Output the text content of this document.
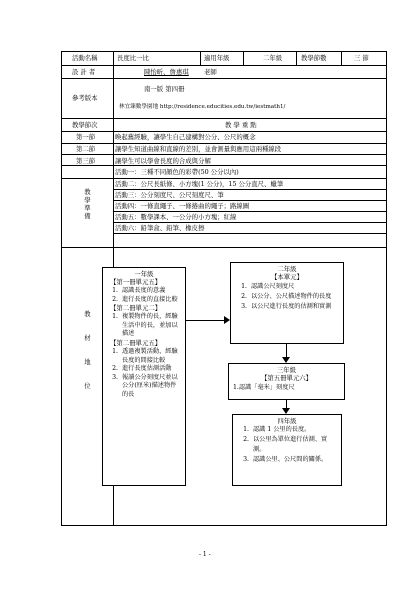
活動名稱	長度比一比	適用年級	二年級	教學節數	三 節
設 計 者	陳怡昕、詹惠琪 老師
參考版本
南一版 第四冊
林宜臻數學園地 http://residence.educities.edu.tw/iestmath1/
教學節次	教 學 重 點
第一節	喚起舊經驗，讓學生自己建構對公分、公尺的概念
第二節	讓學生知道曲線和直線的差別，並會測量與應用這兩種線段
第三節	讓學生可以學會長度的合成與分解
教
學
準
備
活動一：三種不同顏色的彩帶(50 公分以內)
活動二：公尺長紙條、小方塊(1 公分)，15 公分直尺、蠟筆
活動三：公分刻度尺、公尺刻度尺、筆
活動四：一條直繩子、一條捲曲的繩子；路線圖
活動五：數學課本、一公分的小方塊；紅線
活動六：鉛筆盒、鉛筆、橡皮擦
教
材
地
位
一年級
【第一冊單元五】
1. 認識長度的意義
2. 進行長度的直接比較
【第二冊單元二】
1. 複製物件的長，經驗生活中的長，並加以描述
【第二冊單元五】
1. 透過複製活動，經驗長度的間接比較
2. 進行長度估測活動
3. 報讀公分刻度尺並以公分(厘米)描述物件的長
二年級
【本單元】
1. 認識公尺刻度尺
2. 以公分、公尺描述物件的長度
3. 以公尺進行長度的估測和實測
三年級
【第五冊單元六】
1.認識「毫米」刻度尺
四年級
1. 認識 1 公里的長度。
2. 以公里為單位進行估測、實測。
3. 認識公里、公尺間的關係。
- 1 -
